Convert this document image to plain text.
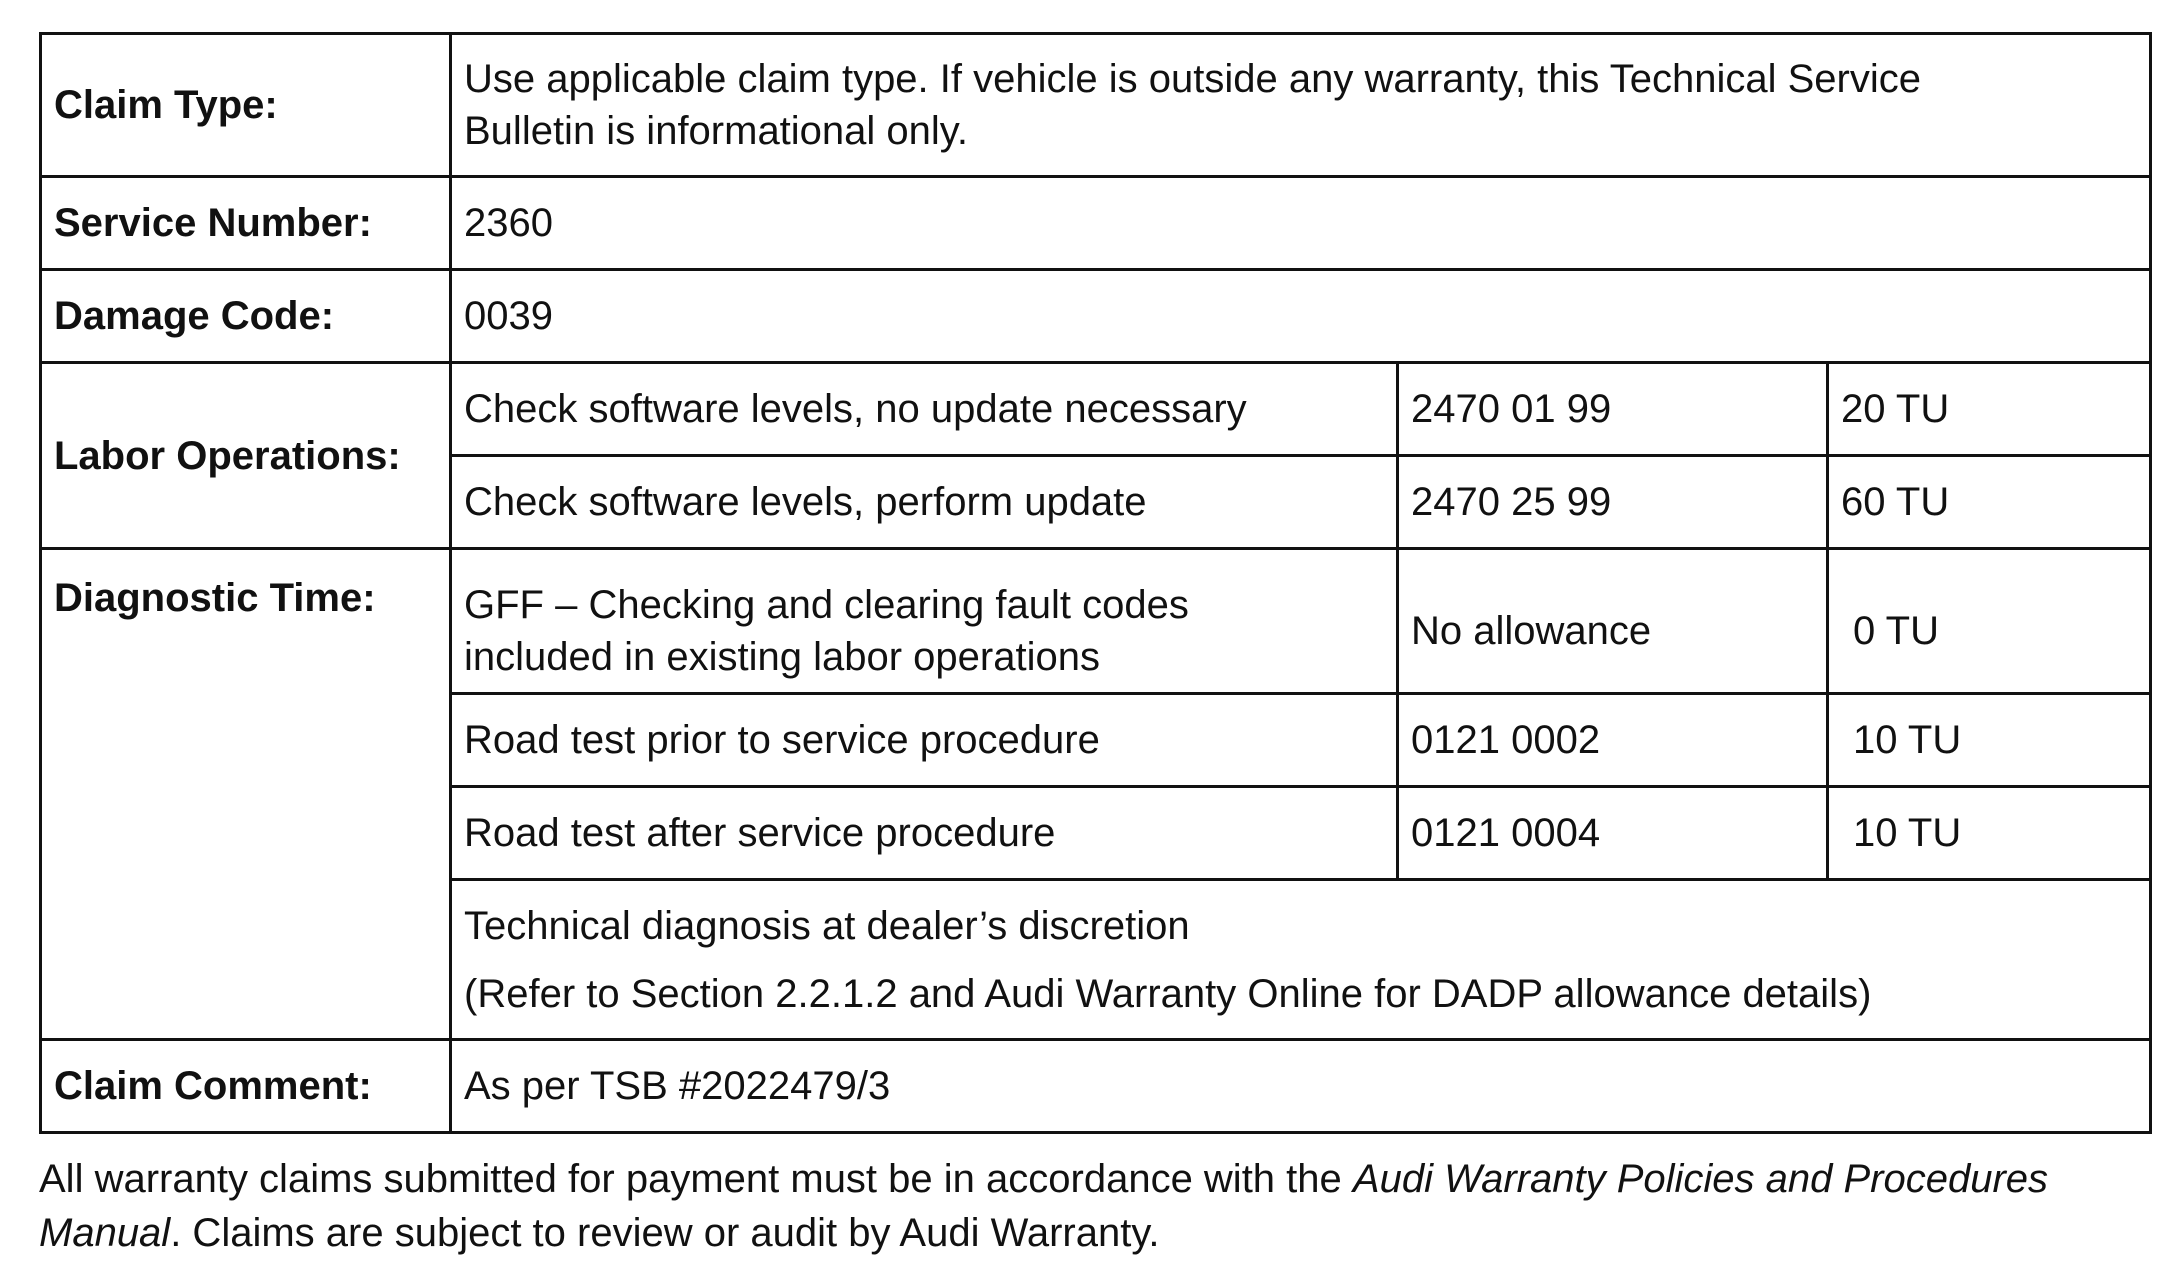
Claim Type:	Use applicable claim type. If vehicle is outside any warranty, this Technical Service
Bulletin is informational only.		

Service Number:	2360		
Damage Code:	0039		
Labor Operations:	Check software levels, no update necessary	2470 01 99	20 TU
	Check software levels, perform update	2470 25 99	60 TU
Diagnostic Time:	GFF – Checking and clearing fault codes
included in existing labor operations	No allowance	0 TU
	Road test prior to service procedure	0121 0002	10 TU
	Road test after service procedure	0121 0004	10 TU

	Technical diagnosis at dealer’s discretion
(Refer to Section 2.2.1.2 and Audi Warranty Online for DADP allowance details)		

Claim Comment:	As per TSB #2022479/3		
All warranty claims submitted for payment must be in accordance with the Audi Warranty Policies and Procedures
Manual. Claims are subject to review or audit by Audi Warranty.
